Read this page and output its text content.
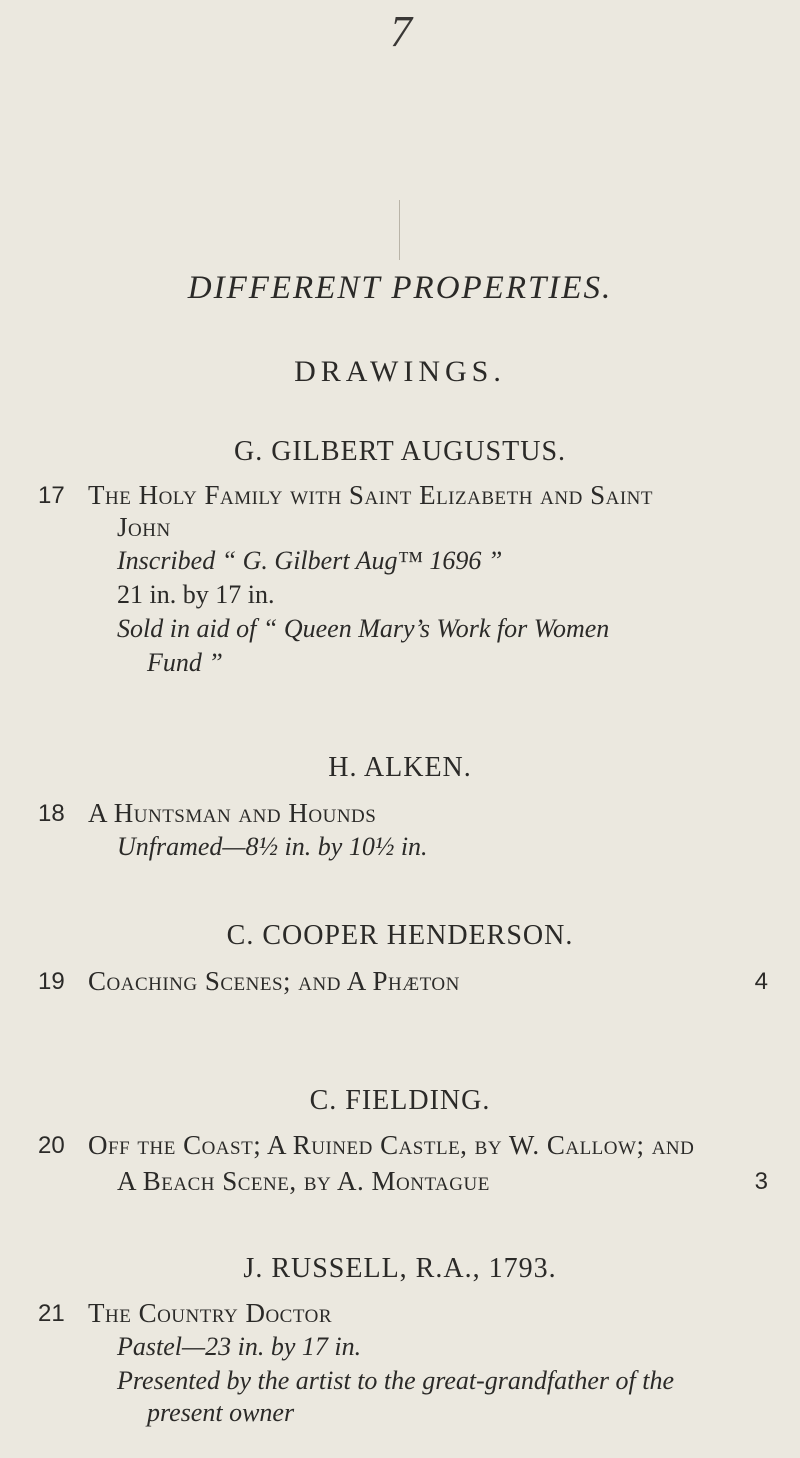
7
DIFFERENT PROPERTIES.
DRAWINGS.
G. GILBERT AUGUSTUS.
17 The Holy Family with Saint Elizabeth and Saint
John
Inscribed “ G. Gilbert Aug™ 1696 ”
21 in. by 17 in.
Sold in aid of “ Queen Mary’s Work for Women
Fund ”
H. ALKEN.
18 A Huntsman and Hounds
Unframed—8½ in. by 10½ in.
C. COOPER HENDERSON.
19 Coaching Scenes; and A Phæton	4
C. FIELDING.
20 Off the Coast; A Ruined Castle, by W. Callow; and
A Beach Scene, by A. Montague	3
J. RUSSELL, R.A., 1793.
21 The Country Doctor
Pastel—23 in. by 17 in.
Presented by the artist to the great-grandfather of the
present owner
